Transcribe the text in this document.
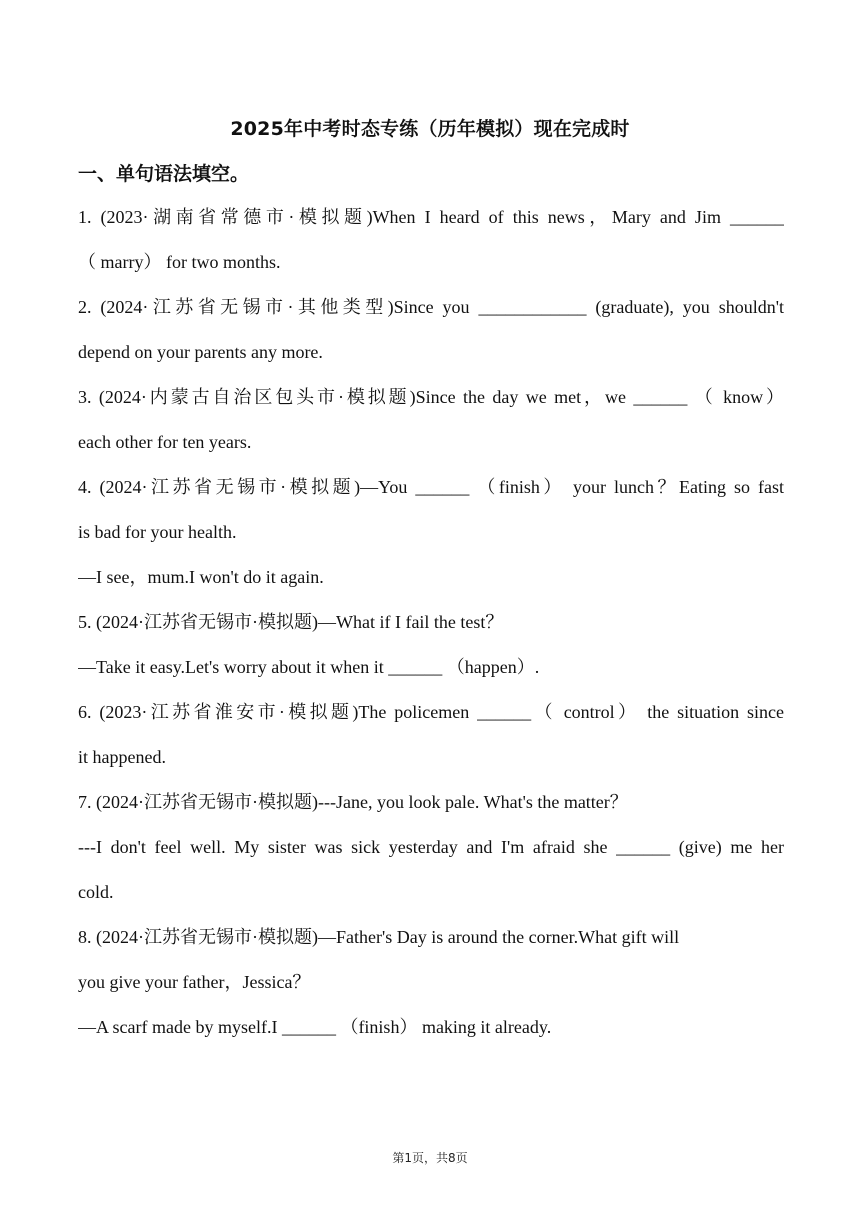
2025年中考时态专练（历年模拟）现在完成时
一、单句语法填空。
1. (2023·湖南省常德市·模拟题)When I heard of this news，Mary and Jim ______
（ marry） for two months.
2. (2024·江苏省无锡市·其他类型)Since you ____________ (graduate), you shouldn't
depend on your parents any more.
3. (2024·内蒙古自治区包头市·模拟题)Since the day we met，we ______ （ know）
each other for ten years.
4. (2024·江苏省无锡市·模拟题)—You ______ （finish） your lunch？Eating so fast
is bad for your health.
—I see，mum.I won't do it again.
5. (2024·江苏省无锡市·模拟题)—What if I fail the test？
—Take it easy.Let's worry about it when it ______ （happen）.
6. (2023·江苏省淮安市·模拟题)The policemen ______（ control） the situation since
it happened.
7. (2024·江苏省无锡市·模拟题)---Jane, you look pale. What's the matter？
---I don't feel well. My sister was sick yesterday and I'm afraid she ______ (give) me her
cold.
8. (2024·江苏省无锡市·模拟题)—Father's Day is around the corner.What gift will
you give your father，Jessica？
—A scarf made by myself.I ______ （finish） making it already.
第1页，共8页
